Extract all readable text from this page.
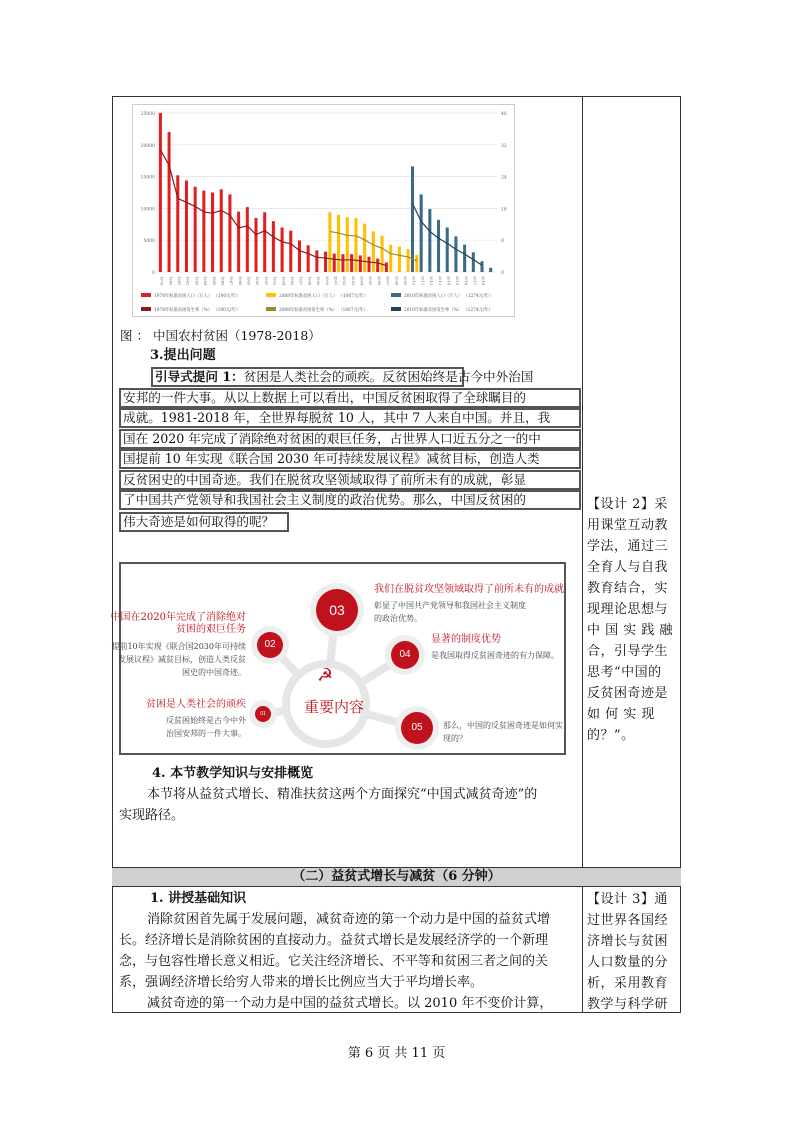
0	0
5000	8
10000	16
15000	24
20000	32
25000	40
1978 1980 1981 1982 1983 1984 1985 1986 1987 1988 1989 1990 1991 1992 1994 1995 1997 1998 1999 2000 2001 2002 2003 2004 2005 2006 2007 2008 2009 2010 2011 2012 2013 2014 2015 2016 2017 2018
1978年标准贫困人口（万人） （100元/年）	2008年标准贫困人口（万人） （1067元/年）	2010年标准贫困人口（万人） （1274元/年）
1978年标准贫困发生率（%） （100元/年）	2008年标准贫困发生率（%） （1067元/年）	2010年标准贫困发生率（%） （1274元/年）
图 ： 中国农村贫困（1978-2018）
3.提出问题
引导式提问 1：贫困是人类社会的顽疾。反贫困始终是古今中外治国
安邦的一件大事。从以上数据上可以看出，中国反贫困取得了全球瞩目的
成就。1981-2018 年，全世界每脱贫 10 人，其中 7 人来自中国。并且，我
国在 2020 年完成了消除绝对贫困的艰巨任务，占世界人口近五分之一的中
国提前 10 年实现《联合国 2030 年可持续发展议程》减贫目标，创造人类
反贫困史的中国奇迹。我们在脱贫攻坚领域取得了前所未有的成就，彰显
了中国共产党领导和我国社会主义制度的政治优势。那么，中国反贫困的
伟大奇迹是如何取得的呢？
☭
重要内容
03
02
04
01
05
我们在脱贫攻坚领域取得了前所未有的成就
彰显了中国共产党领导和我国社会主义制度
的政治优势。
中国在2020年完成了消除绝对
贫困的艰巨任务
提前10年实现《联合国2030年可持续
发展议程》减贫目标，创造人类反贫
困史的中国奇迹。
显著的制度优势
是我国取得反贫困奇迹的有力保障。
贫困是人类社会的顽疾
反贫困始终是古今中外
治国安邦的一件大事。
那么，中国的反贫困奇迹是如何实
现的？
4. 本节教学知识与安排概览
本节将从益贫式增长、精准扶贫这两个方面探究“中国式减贫奇迹”的
实现路径。
【设计 2】采
用课堂互动教
学法，通过三
全育人与自我
教育结合，实
现理论思想与
中 国 实 践 融
合，引导学生
思考“中国的
反贫困奇迹是
如 何 实 现
的？”。
（二）益贫式增长与减贫（6 分钟）
1. 讲授基础知识
消除贫困首先属于发展问题，减贫奇迹的第一个动力是中国的益贫式增
长。经济增长是消除贫困的直接动力。益贫式增长是发展经济学的一个新理
念，与包容性增长意义相近。它关注经济增长、不平等和贫困三者之间的关
系，强调经济增长给穷人带来的增长比例应当大于平均增长率。
减贫奇迹的第一个动力是中国的益贫式增长。以 2010 年不变价计算，
【设计 3】通
过世界各国经
济增长与贫困
人口数量的分
析，采用教育
教学与科学研
第 6 页 共 11 页
